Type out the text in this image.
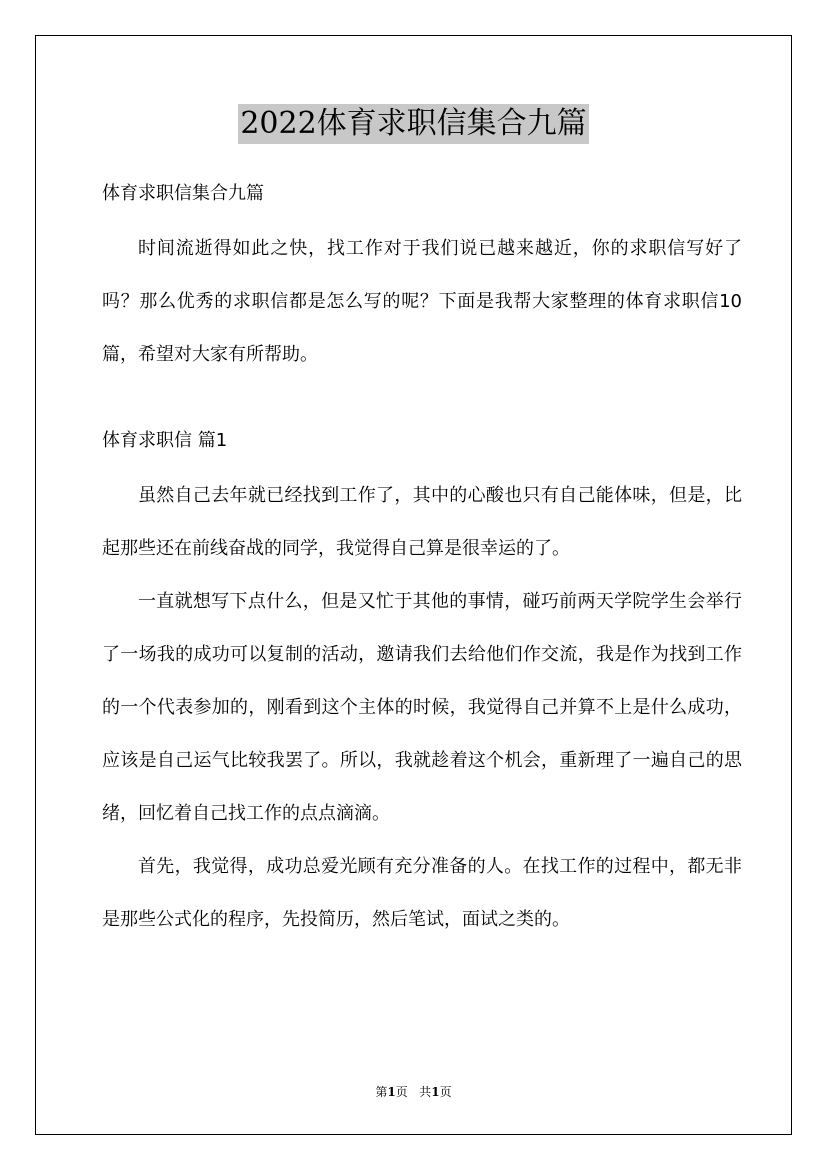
2022体育求职信集合九篇

体育求职信集合九篇

时间流逝得如此之快，找工作对于我们说已越来越近，你的求职信写好了吗？那么优秀的求职信都是怎么写的呢？下面是我帮大家整理的体育求职信10篇，希望对大家有所帮助。

体育求职信 篇1

虽然自己去年就已经找到工作了，其中的心酸也只有自己能体味，但是，比起那些还在前线奋战的同学，我觉得自己算是很幸运的了。

一直就想写下点什么，但是又忙于其他的事情，碰巧前两天学院学生会举行了一场我的成功可以复制的活动，邀请我们去给他们作交流，我是作为找到工作的一个代表参加的，刚看到这个主体的时候，我觉得自己并算不上是什么成功，应该是自己运气比较我罢了。所以，我就趁着这个机会，重新理了一遍自己的思绪，回忆着自己找工作的点点滴滴。

首先，我觉得，成功总爱光顾有充分准备的人。在找工作的过程中，都无非是那些公式化的程序，先投简历，然后笔试，面试之类的。

第1页 共1页
